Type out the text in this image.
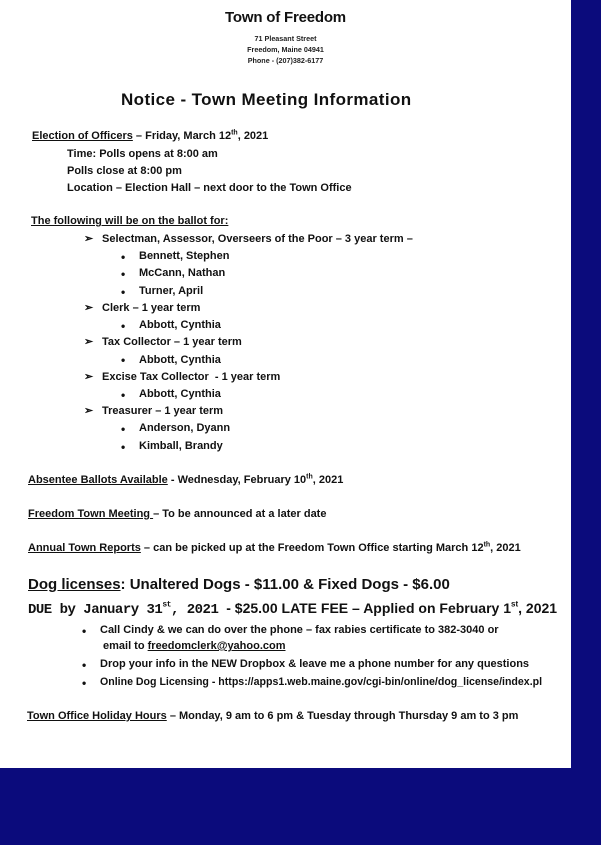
Town of Freedom
71 Pleasant Street
Freedom, Maine 04941
Phone - (207)382-6177
Notice - Town Meeting Information
Election of Officers – Friday, March 12th, 2021
Time: Polls opens at 8:00 am
Polls close at 8:00 pm
Location – Election Hall – next door to the Town Office
The following will be on the ballot for:
➢ Selectman, Assessor, Overseers of the Poor – 3 year term –
• Bennett, Stephen
• McCann, Nathan
• Turner, April
➢ Clerk – 1 year term
• Abbott, Cynthia
➢ Tax Collector – 1 year term
• Abbott, Cynthia
➢ Excise Tax Collector  - 1 year term
• Abbott, Cynthia
➢ Treasurer – 1 year term
• Anderson, Dyann
• Kimball, Brandy
Absentee Ballots Available - Wednesday, February 10th, 2021
Freedom Town Meeting – To be announced at a later date
Annual Town Reports – can be picked up at the Freedom Town Office starting March 12th, 2021
Dog licenses: Unaltered Dogs - $11.00 & Fixed Dogs - $6.00
DUE by January 31st, 2021 - $25.00 LATE FEE – Applied on February 1st, 2021
• Call Cindy & we can do over the phone – fax rabies certificate to 382-3040 or
email to freedomclerk@yahoo.com
• Drop your info in the NEW Dropbox & leave me a phone number for any questions
• Online Dog Licensing - https://apps1.web.maine.gov/cgi-bin/online/dog_license/index.pl
Town Office Holiday Hours – Monday, 9 am to 6 pm & Tuesday through Thursday 9 am to 3 pm
